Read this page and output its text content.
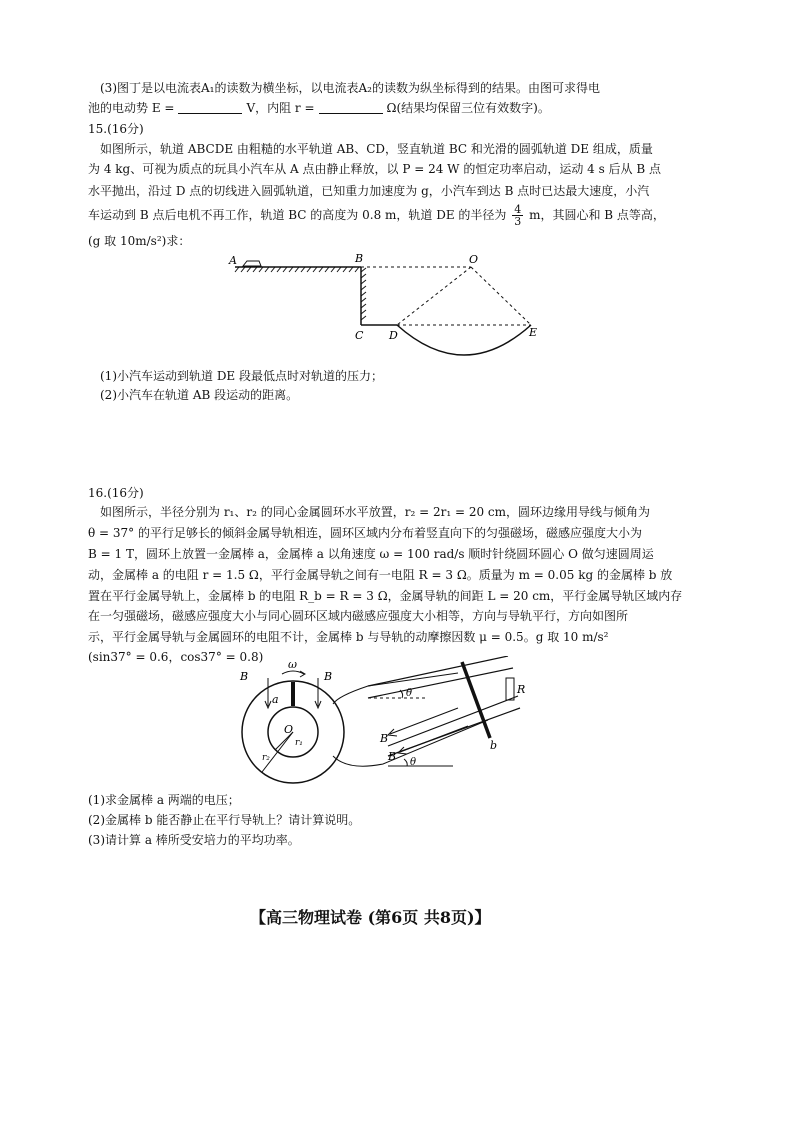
(3)图丁是以电流表A₁的读数为横坐标，以电流表A₂的读数为纵坐标得到的结果。由图可求得电
池的电动势 E =	V，内阻 r =	Ω(结果均保留三位有效数字)。
15.(16分)
如图所示，轨道 ABCDE 由粗糙的水平轨道 AB、CD，竖直轨道 BC 和光滑的圆弧轨道 DE 组成，质量
为 4 kg、可视为质点的玩具小汽车从 A 点由静止释放，以 P = 24 W 的恒定功率启动，运动 4 s 后从 B 点
水平抛出，沿过 D 点的切线进入圆弧轨道，已知重力加速度为 g，小汽车到达 B 点时已达最大速度，小汽
车运动到 B 点后电机不再工作，轨道 BC 的高度为 0.8 m，轨道 DE 的半径为 $\frac{4}{3}$ m，其圆心和 B 点等高，
(g 取 10m/s²)求：
A	B
C D	E
O
(1)小汽车运动到轨道 DE 段最低点时对轨道的压力；
(2)小汽车在轨道 AB 段运动的距离。
16.(16分)
如图所示，半径分别为 r₁、r₂ 的同心金属圆环水平放置，r₂ = 2r₁ = 20 cm，圆环边缘用导线与倾角为
θ = 37° 的平行足够长的倾斜金属导轨相连，圆环区域内分布着竖直向下的匀强磁场，磁感应强度大小为
B = 1 T，圆环上放置一金属棒 a，金属棒 a 以角速度 ω = 100 rad/s 顺时针绕圆环圆心 O 做匀速圆周运
动，金属棒 a 的电阻 r = 1.5 Ω，平行金属导轨之间有一电阻 R = 3 Ω。质量为 m = 0.05 kg 的金属棒 b 放
置在平行金属导轨上，金属棒 b 的电阻 R_b = R = 3 Ω，金属导轨的间距 L = 20 cm，平行金属导轨区域内存
在一匀强磁场，磁感应强度大小与同心圆环区域内磁感应强度大小相等，方向与导轨平行，方向如图所
示，平行金属导轨与金属圆环的电阻不计，金属棒 b 与导轨的动摩擦因数 μ = 0.5。g 取 10 m/s²
(sin37° = 0.6，cos37° = 0.8)
B	B
ω
a
O
r₁
r₂
θ	R
b
B
B θ
(1)求金属棒 a 两端的电压；
(2)金属棒 b 能否静止在平行导轨上？请计算说明。
(3)请计算 a 棒所受安培力的平均功率。
【高三物理试卷 (第6页 共8页)】
